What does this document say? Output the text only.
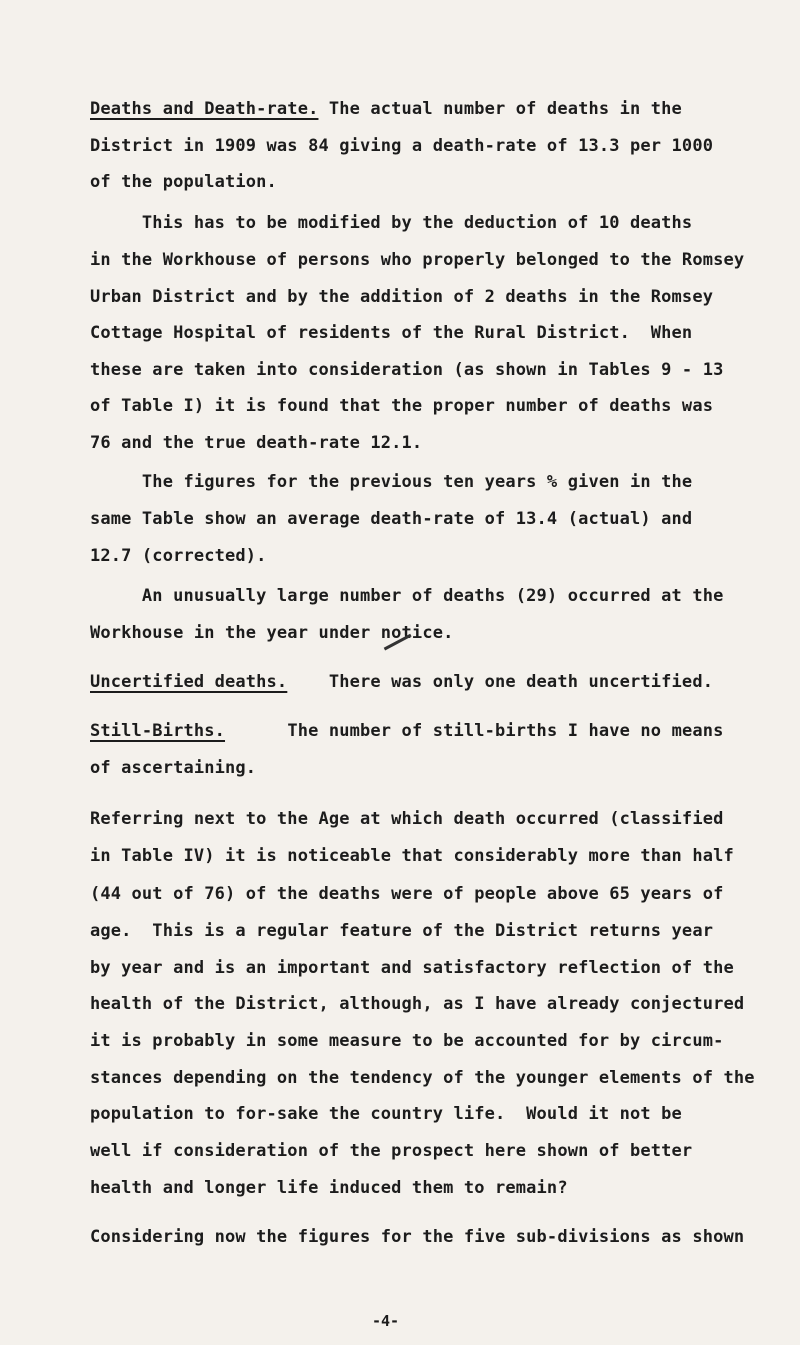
Deaths and Death-rate. The actual number of deaths in the
District in 1909 was 84 giving a death-rate of 13.3 per 1000
of the population.
This has to be modified by the deduction of 10 deaths
in the Workhouse of persons who properly belonged to the Romsey
Urban District and by the addition of 2 deaths in the Romsey
Cottage Hospital of residents of the Rural District.  When
these are taken into consideration (as shown in Tables 9 - 13
of Table I) it is found that the proper number of deaths was
76 and the true death-rate 12.1.
The figures for the previous ten years % given in the
same Table show an average death-rate of 13.4 (actual) and
12.7 (corrected).
An unusually large number of deaths (29) occurred at the
Workhouse in the year under notice.
Uncertified deaths.    There was only one death uncertified.
Still-Births.      The number of still-births I have no means
of ascertaining.
Referring next to the Age at which death occurred (classified
in Table IV) it is noticeable that considerably more than half
(44 out of 76) of the deaths were of people above 65 years of
age.  This is a regular feature of the District returns year
by year and is an important and satisfactory reflection of the
health of the District, although, as I have already conjectured
it is probably in some measure to be accounted for by circum-
stances depending on the tendency of the younger elements of the
population to for-sake the country life.  Would it not be
well if consideration of the prospect here shown of better
health and longer life induced them to remain?
Considering now the figures for the five sub-divisions as shown
-4-
